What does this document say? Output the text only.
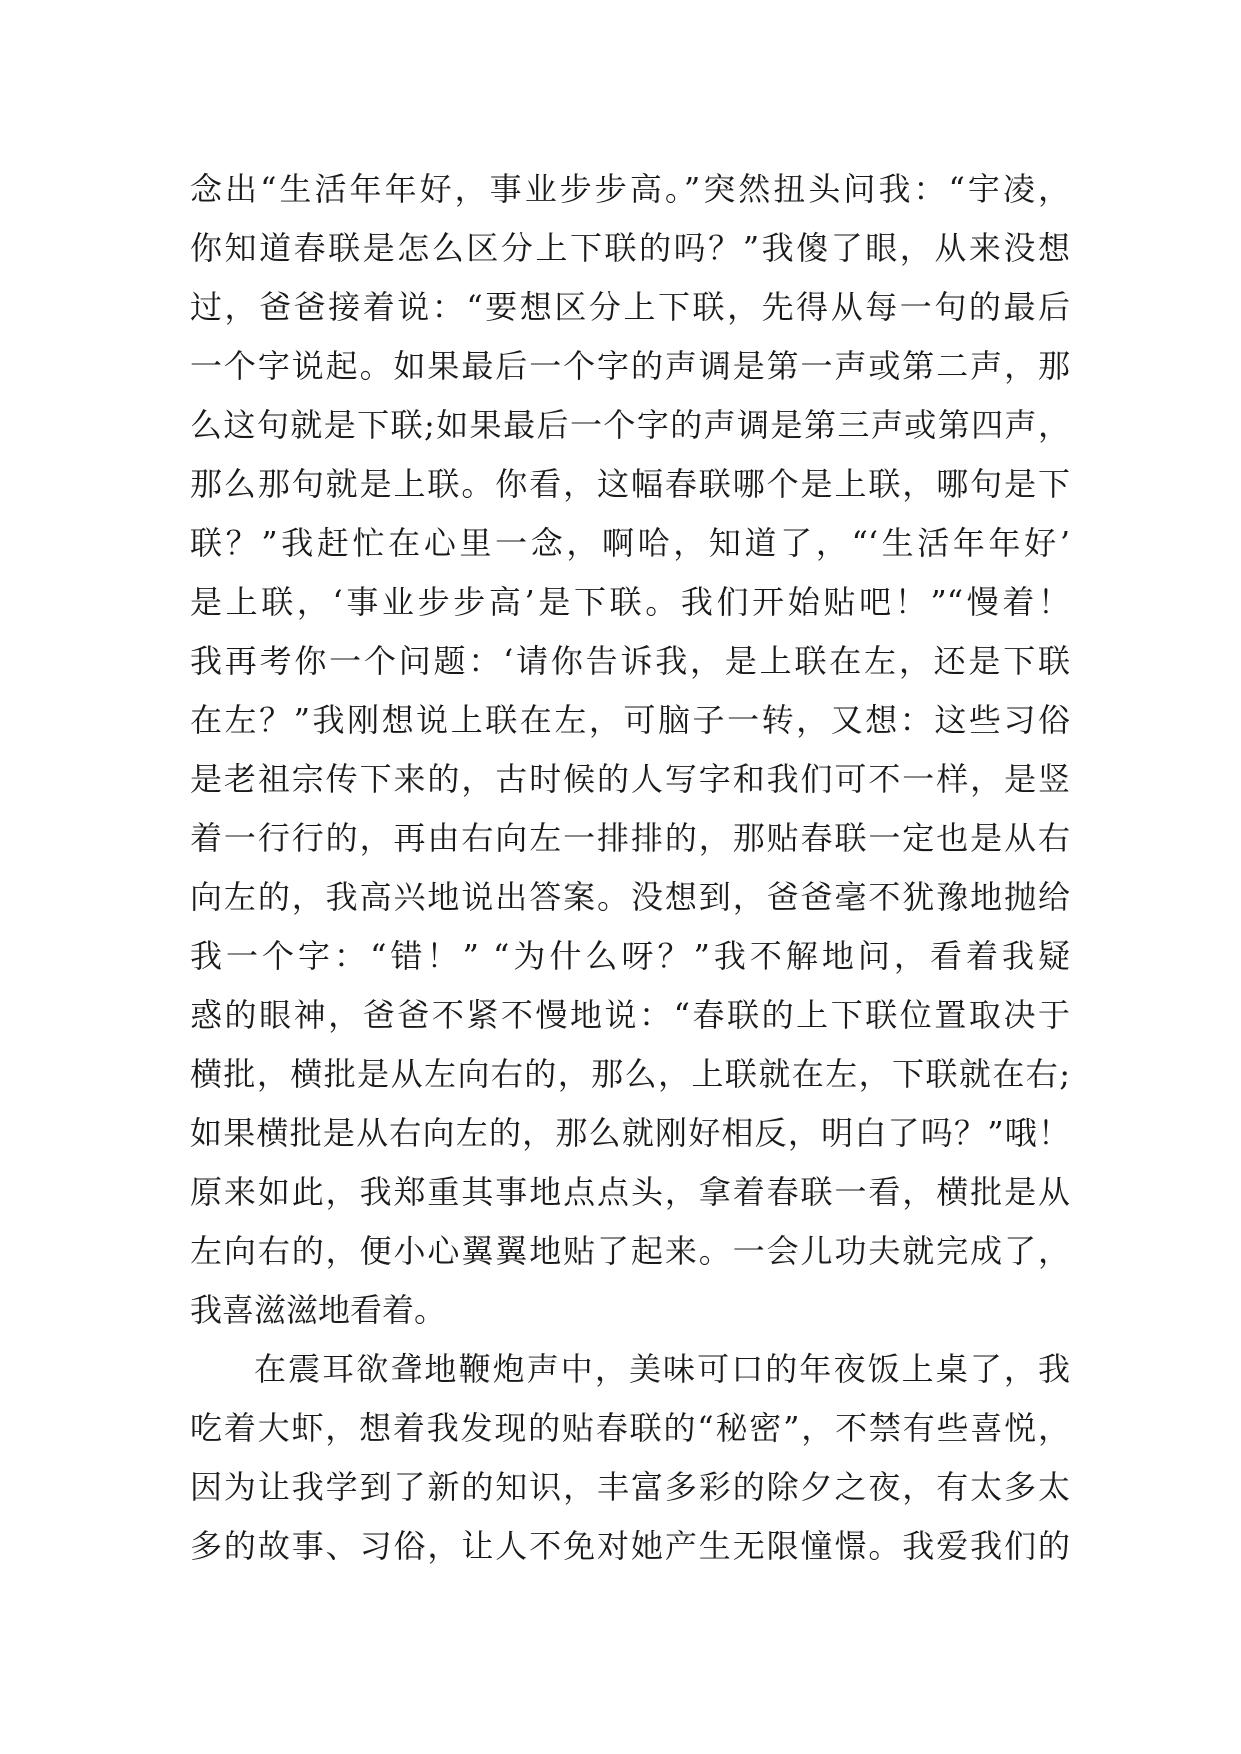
念出“生活年年好，事业步步高。”突然扭头问我：“宇凌，
你知道春联是怎么区分上下联的吗？”我傻了眼，从来没想
过，爸爸接着说：“要想区分上下联，先得从每一句的最后
一个字说起。如果最后一个字的声调是第一声或第二声，那
么这句就是下联;如果最后一个字的声调是第三声或第四声，
那么那句就是上联。你看，这幅春联哪个是上联，哪句是下
联？”我赶忙在心里一念，啊哈，知道了，“‘生活年年好’
是上联，‘事业步步高’是下联。我们开始贴吧！”“慢着！
我再考你一个问题：‘请你告诉我，是上联在左，还是下联
在左？”我刚想说上联在左，可脑子一转，又想：这些习俗
是老祖宗传下来的，古时候的人写字和我们可不一样，是竖
着一行行的，再由右向左一排排的，那贴春联一定也是从右
向左的，我高兴地说出答案。没想到，爸爸毫不犹豫地抛给
我一个字：“错！” “为什么呀？”我不解地问，看着我疑
惑的眼神，爸爸不紧不慢地说：“春联的上下联位置取决于
横批，横批是从左向右的，那么，上联就在左，下联就在右;
如果横批是从右向左的，那么就刚好相反，明白了吗？”哦！
原来如此，我郑重其事地点点头，拿着春联一看，横批是从
左向右的，便小心翼翼地贴了起来。一会儿功夫就完成了，
我喜滋滋地看着。
在震耳欲聋地鞭炮声中，美味可口的年夜饭上桌了，我
吃着大虾，想着我发现的贴春联的“秘密”，不禁有些喜悦，
因为让我学到了新的知识，丰富多彩的除夕之夜，有太多太
多的故事、习俗，让人不免对她产生无限憧憬。我爱我们的
